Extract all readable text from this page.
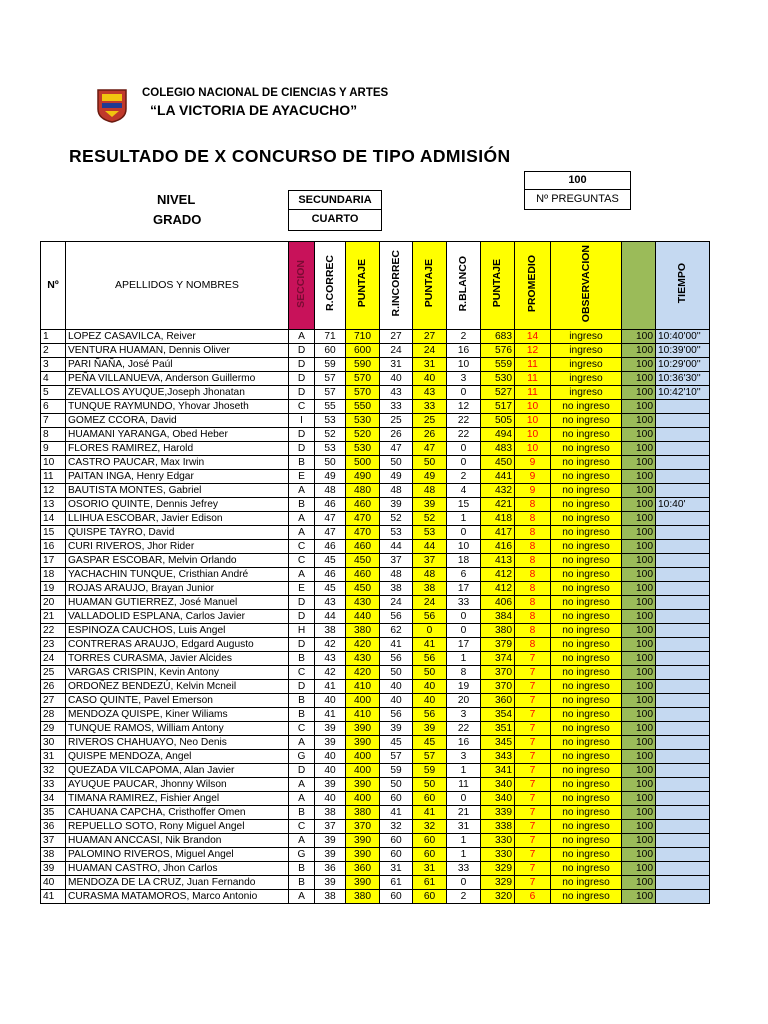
COLEGIO NACIONAL DE CIENCIAS Y ARTES
“LA VICTORIA DE AYACUCHO”
RESULTADO DE X CONCURSO DE TIPO ADMISIÓN
NIVEL
GRADO
SECUNDARIA
CUARTO
100
Nº PREGUNTAS
Nº	APELLIDOS Y NOMBRES	SECCION	R.CORREC	PUNTAJE	R.INCORREC	PUNTAJE	R.BLANCO	PUNTAJE	PROMEDIO	OBSERVACION		TIEMPO
1	LOPEZ CASAVILCA, Reiver	A	71	710	27	27	2	683	14	ingreso	100	10:40'00''
2	VENTURA HUAMAN, Dennis Oliver	D	60	600	24	24	16	576	12	ingreso	100	10:39'00''
3	PARI ÑAÑA, José Paúl	D	59	590	31	31	10	559	11	ingreso	100	10:29'00''
4	PEÑA VILLANUEVA, Anderson Guillermo	D	57	570	40	40	3	530	11	ingreso	100	10:36'30''
5	ZEVALLOS AYUQUE,Joseph Jhonatan	D	57	570	43	43	0	527	11	ingreso	100	10:42'10''
6	TUNQUE RAYMUNDO, Yhovar Jhoseth	C	55	550	33	33	12	517	10	no ingreso	100	
7	GOMEZ CCORA, David	I	53	530	25	25	22	505	10	no ingreso	100	
8	HUAMANI YARANGA, Obed Heber	D	52	520	26	26	22	494	10	no ingreso	100	
9	FLORES RAMIREZ, Harold	D	53	530	47	47	0	483	10	no ingreso	100	
10	CASTRO PAUCAR, Max Irwin	B	50	500	50	50	0	450	9	no ingreso	100	
11	PAITAN INGA, Henry Edgar	E	49	490	49	49	2	441	9	no ingreso	100	
12	BAUTISTA MONTES, Gabriel	A	48	480	48	48	4	432	9	no ingreso	100	
13	OSORIO QUINTE, Dennis Jefrey	B	46	460	39	39	15	421	8	no ingreso	100	10:40'
14	LLIHUA ESCOBAR, Javier Edison	A	47	470	52	52	1	418	8	no ingreso	100	
15	QUISPE TAYRO, David	A	47	470	53	53	0	417	8	no ingreso	100	
16	CURI RIVEROS, Jhor Rider	C	46	460	44	44	10	416	8	no ingreso	100	
17	GASPAR ESCOBAR, Melvin Orlando	C	45	450	37	37	18	413	8	no ingreso	100	
18	YACHACHIN TUNQUE, Cristhian André	A	46	460	48	48	6	412	8	no ingreso	100	
19	ROJAS ARAUJO, Brayan Junior	E	45	450	38	38	17	412	8	no ingreso	100	
20	HUAMAN GUTIERREZ, José Manuel	D	43	430	24	24	33	406	8	no ingreso	100	
21	VALLADOLID ESPLANA, Carlos Javier	D	44	440	56	56	0	384	8	no ingreso	100	
22	ESPINOZA CAUCHOS, Luis Angel	H	38	380	62	0	0	380	8	no ingreso	100	
23	CONTRERAS ARAUJO, Edgard Augusto	D	42	420	41	41	17	379	8	no ingreso	100	
24	TORRES CURASMA, Javier Alcides	B	43	430	56	56	1	374	7	no ingreso	100	
25	VARGAS CRISPIN, Kevin Antony	C	42	420	50	50	8	370	7	no ingreso	100	
26	ORDOÑEZ BENDEZÚ, Kelvin Mcneil	D	41	410	40	40	19	370	7	no ingreso	100	
27	CASO QUINTE, Pavel Emerson	B	40	400	40	40	20	360	7	no ingreso	100	
28	MENDOZA QUISPE, Kiner Wiliams	B	41	410	56	56	3	354	7	no ingreso	100	
29	TUNQUE RAMOS, William Antony	C	39	390	39	39	22	351	7	no ingreso	100	
30	RIVEROS CHAHUAYO, Neo Denis	A	39	390	45	45	16	345	7	no ingreso	100	
31	QUISPE MENDOZA, Angel	G	40	400	57	57	3	343	7	no ingreso	100	
32	QUEZADA VILCAPOMA, Alan Javier	D	40	400	59	59	1	341	7	no ingreso	100	
33	AYUQUE PAUCAR, Jhonny Wilson	A	39	390	50	50	11	340	7	no ingreso	100	
34	TIMANA RAMIREZ, Fishier Angel	A	40	400	60	60	0	340	7	no ingreso	100	
35	CAHUANA CAPCHA, Cristhoffer Omen	B	38	380	41	41	21	339	7	no ingreso	100	
36	REPUELLO SOTO, Rony Miguel Angel	C	37	370	32	32	31	338	7	no ingreso	100	
37	HUAMAN ANCCASI, Nik Brandon	A	39	390	60	60	1	330	7	no ingreso	100	
38	PALOMINO RIVEROS, Miguel Angel	G	39	390	60	60	1	330	7	no ingreso	100	
39	HUAMAN CASTRO, Jhon Carlos	B	36	360	31	31	33	329	7	no ingreso	100	
40	MENDOZA DE LA CRUZ, Juan Fernando	B	39	390	61	61	0	329	7	no ingreso	100	
41	CURASMA MATAMOROS, Marco Antonio	A	38	380	60	60	2	320	6	no ingreso	100	
